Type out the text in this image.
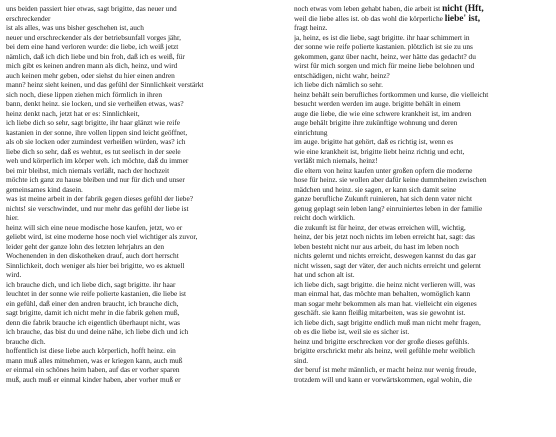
uns beiden passiert hier etwas, sagt brigitte, das neuer und
erschreckender
ist als alles, was uns bisher geschehen ist, auch
neuer und erschreckender als der betriebsunfall vorges jähr,
bei dem eine hand verloren wurde: die liebe, ich weiß jetzt
nämlich, daß ich dich liebe und bin froh, daß ich es weiß, für
mich gibt es keinen andren mann als dich, heinz, und wird
auch keinen mehr geben, oder siehst du hier einen andren
mann? heinz sieht keinen, und das gefühl der Sinnlichkeit verstärkt
sich noch, diese lippen ziehen mich förmlich in ihren
bann, denkt heinz. sie locken, und sie verheißen etwas, was?
heinz denkt nach, jetzt hat er es: Sinnlichkeit,
ich liebe dich so sehr, sagt brigitte, ihr haar glänzt wie reife
kastanien in der sonne, ihre vollen lippen sind leicht geöffnet,
als ob sie locken oder zumindest verheißen würden, was? ich
liebe dich so sehr, daß es wehtut, es tut seelisch in der seele
weh und körperlich im körper weh. ich möchte, daß du immer
bei mir bleibst, mich niemals verläßt, nach der hochzeit
möchte ich ganz zu hause bleiben und nur für dich und unser
gemeinsames kind dasein.
was ist meine arbeit in der fabrik gegen dieses gefühl der liebe?
nichts! sie verschwindet, und nur mehr das gefühl der liebe ist
hier.
heinz will sich eine neue modische hose kaufen, jetzt, wo er
geliebt wird, ist eine moderne hose noch viel wichtiger als zuvor,
leider geht der ganze lohn des letzten lehrjahrs an den
Wochenenden in den diskotheken drauf, auch dort herrscht
Sinnlichkeit, doch weniger als hier bei brigitte, wo es aktuell
wird.
ich brauche dich, und ich liebe dich, sagt brigitte. ihr haar
leuchtet in der sonne wie reife polierte kastanien, die liebe ist
ein gefühl, daß einer den andren braucht, ich brauche dich,
sagt brigitte, damit ich nicht mehr in die fabrik gehen muß,
denn die fabrik brauche ich eigentlich überhaupt nicht, was
ich brauche, das bist du und deine nähe, ich liebe dich und ich
brauche dich.
hoffentlich ist diese liebe auch körperlich, hofft heinz. ein
mann muß alles mitnehmen, was er kriegen kann, auch muß
er einmal ein schönes heim haben, auf das er vorher sparen
muß, auch muß er einmal kinder haben, aber vorher muß er
noch etwas vom leben gehabt haben, die arbeit ist nicht (Hft,
weil die liebe alles ist. ob das wohl die körperliche liebe' ist,
fragt heinz.
ja, heinz, es ist die liebe, sagt brigitte. ihr haar schimmert in
der sonne wie reife polierte kastanien. plötzlich ist sie zu uns
gekommen, ganz über nacht, heinz, wer hätte das gedacht? du
wirst für mich sorgen und mich für meine liebe belohnen und
entschädigen, nicht wahr, heinz?
ich liebe dich nämlich so sehr.
heinz behält sein berufliches fortkommen und kurse, die vielleicht
besucht werden werden im auge. brigitte behält in einem
auge die liebe, die wie eine schwere krankheit ist, im andren
auge behält brigitte ihre zukünftige wohnung und deren
einrichtung
im auge. brigitte hat gehört, daß es richtig ist, wenn es
wie eine krankheit ist, brigitte liebt heinz richtig und echt,
verläßt mich niemals, heinz!
die eltern von heinz kaufen unter großen opfern die moderne
hose für heinz. sie wollen aber dafür keine dummheiten zwischen
mädchen und heinz. sie sagen, er kann sich damit seine
ganze berufliche Zukunft ruinieren, hat sich denn vater nicht
genug geplagt sein leben lang? einruiniertes leben in der familie
reicht doch wirklich.
die zukunft ist für heinz, der etwas erreichen will, wichtig,
heinz, der bis jetzt noch nichts im leben erreicht hat, sagt: das
leben besteht nicht nur aus arbeit, du hast im leben noch
nichts gelernt und nichts erreicht, deswegen kannst du das gar
nicht wissen, sagt der väter, der auch nichts erreicht und gelernt
hat und schon alt ist.
ich liebe dich, sagt brigitte. die heinz nicht verlieren will, was
man einmal hat, das möchte man behalten, womöglich kann
man sogar mehr bekommen als man hat. vielleicht ein eigenes
geschäft. sie kann fleißig mitarbeiten, was sie gewohnt ist.
ich liebe dich, sagt brigitte endlich muß man nicht mehr fragen,
ob es die liebe ist, weil sie es sicher ist.
heinz und brigitte erschrecken vor der große dieses gefühls.
brigitte erschrickt mehr als heinz, weil gefühle mehr weiblich
sind.
der beruf ist mehr männlich, er macht heinz nur wenig freude,
trotzdem will und kann er vorwärtskommen, egal wohin, die
